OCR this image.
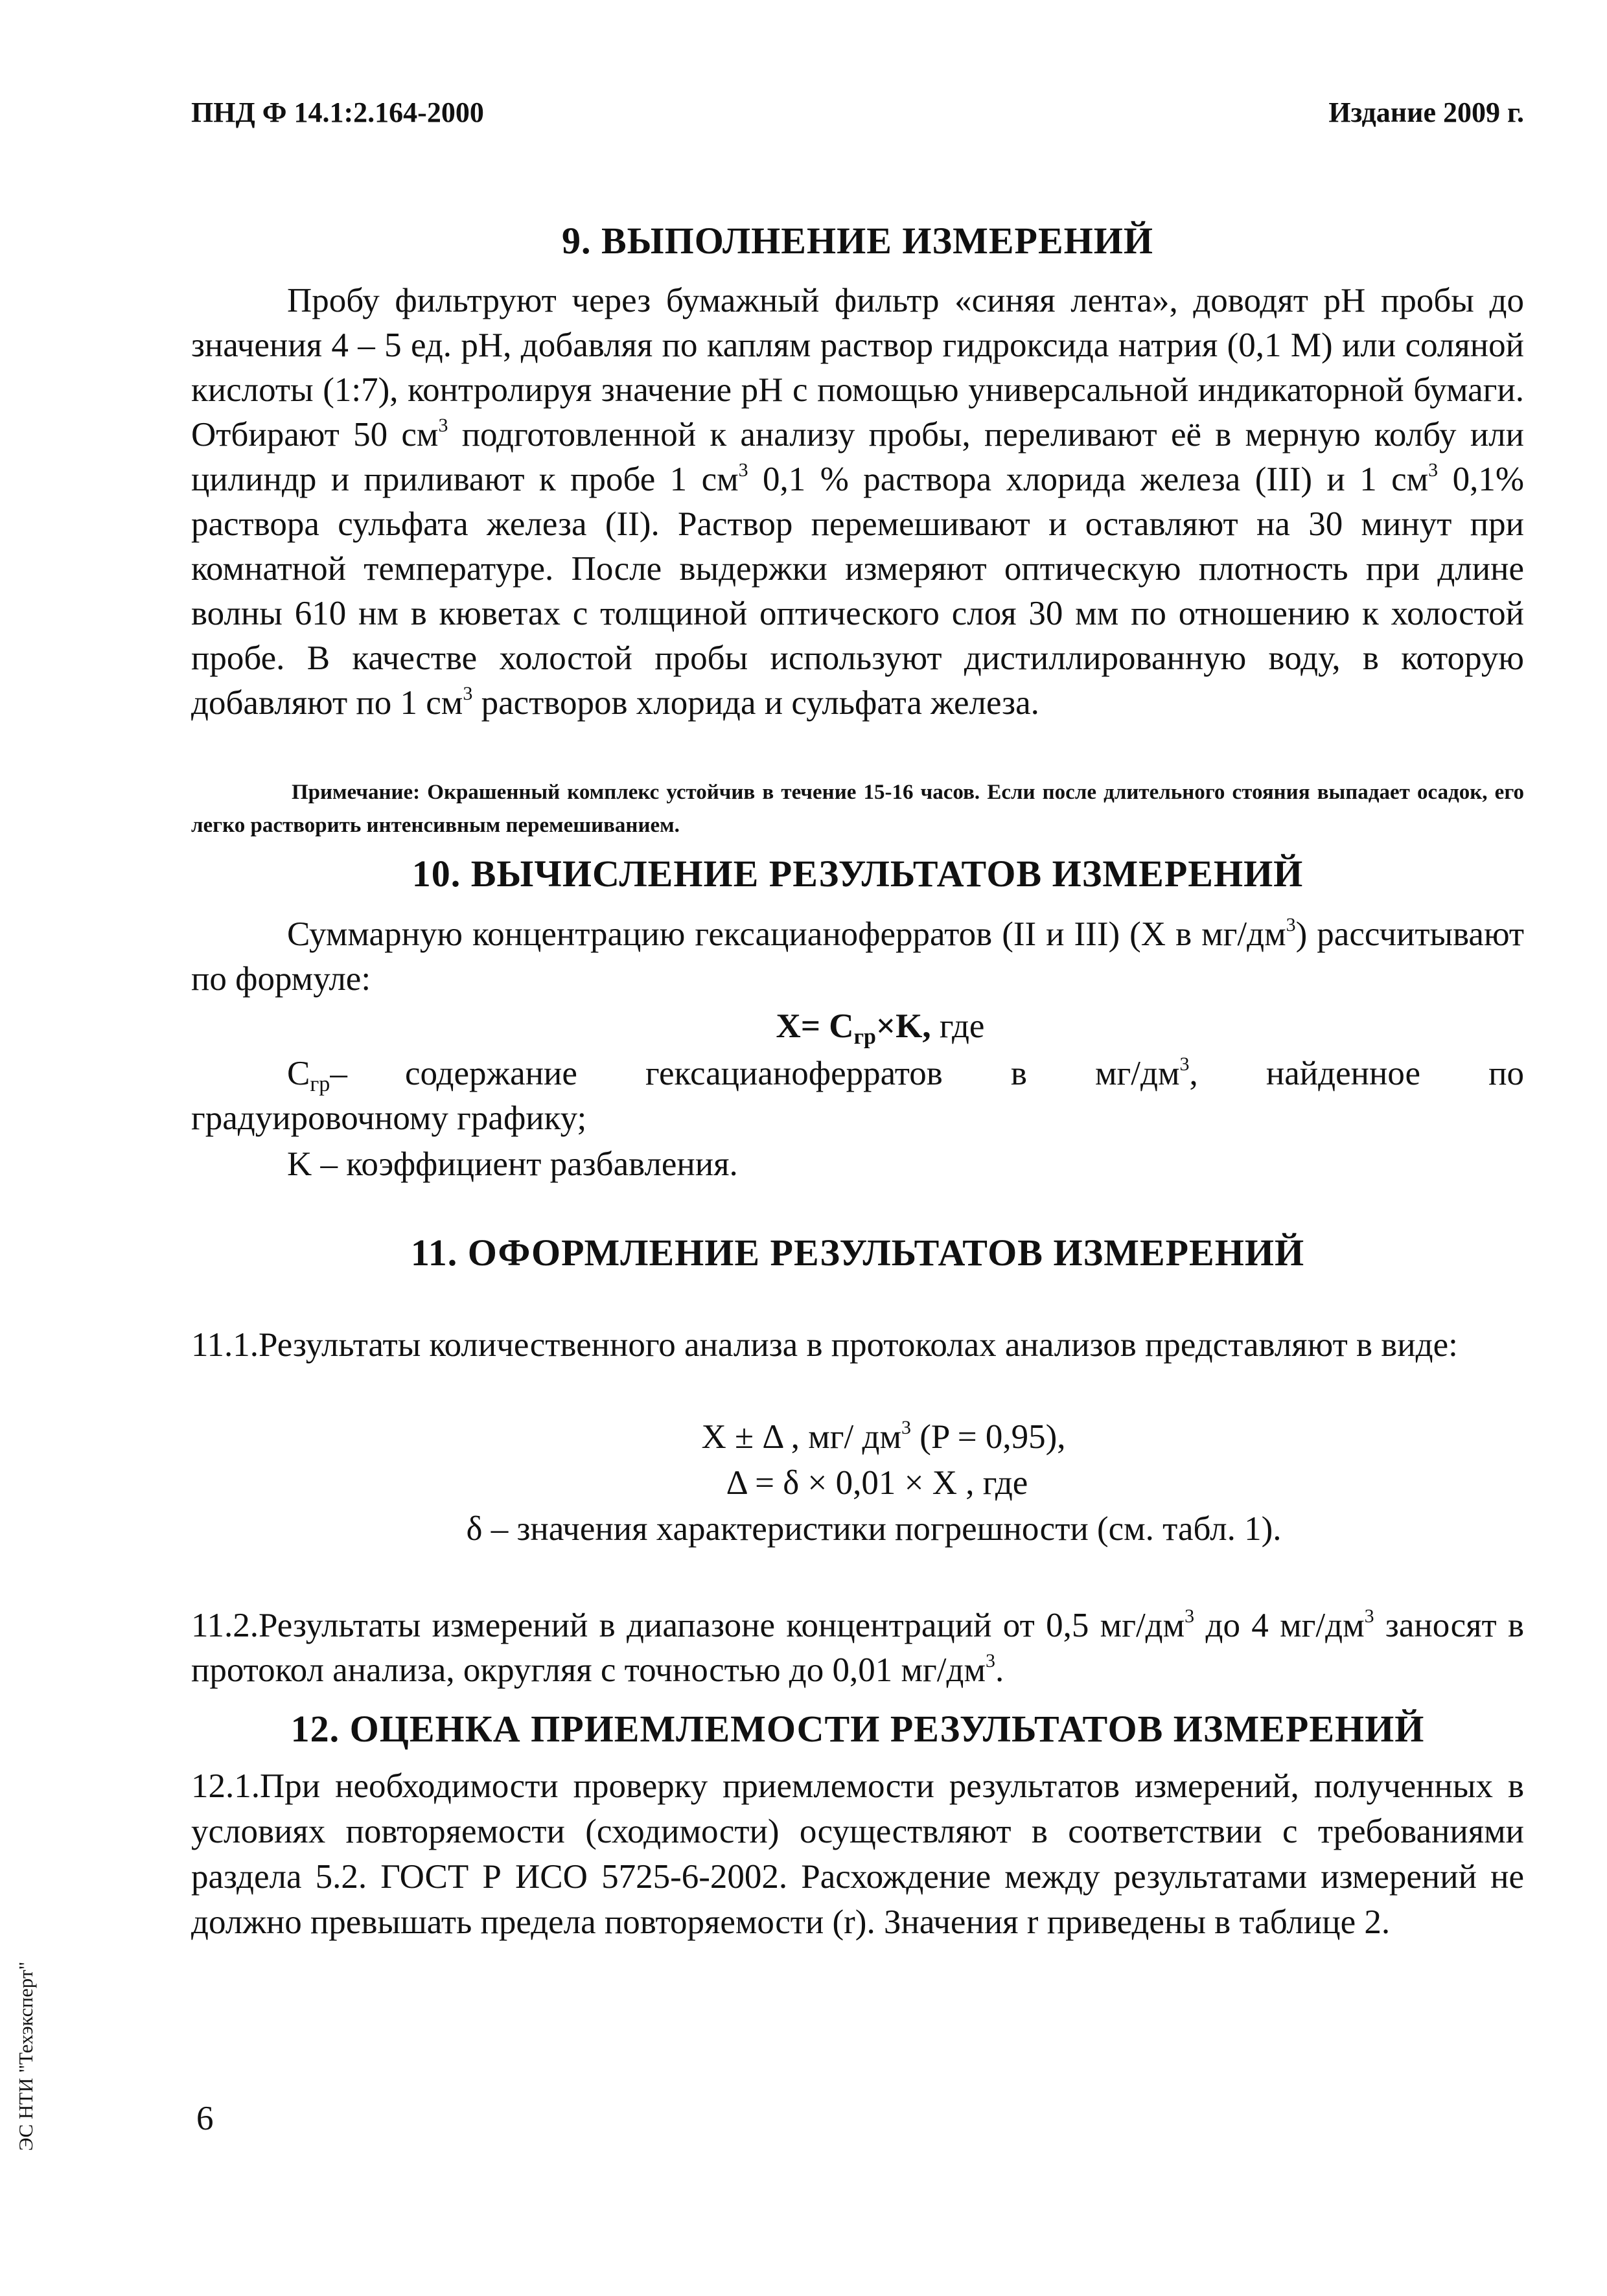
ПНД Ф 14.1:2.164-2000	Издание 2009 г.
9. ВЫПОЛНЕНИЕ ИЗМЕРЕНИЙ

Пробу фильтруют через бумажный фильтр «синяя лента», доводят рН пробы до значения 4 – 5 ед. рН, добавляя по каплям раствор гидроксида натрия (0,1 М) или соляной кислоты (1:7), контролируя значение рН с помощью универсальной индикаторной бумаги. Отбирают 50 $см^3$ подготовленной к анализу пробы, переливают её в мерную колбу или цилиндр и приливают к пробе 1 $см^3$ 0,1 % раствора хлорида железа (III) и 1 $см^3$ 0,1% раствора сульфата железа (II). Раствор перемешивают и оставляют на 30 минут при комнатной температуре. После выдержки измеряют оптическую плотность при длине волны 610 нм в кюветах с толщиной оптического слоя 30 мм по отношению к холостой пробе. В качестве холостой пробы используют дистиллированную воду, в которую добавляют по 1 $см^3$ растворов хлорида и сульфата железа.

Примечание: Окрашенный комплекс устойчив в течение 15-16 часов. Если после длительного стояния выпадает осадок, его легко растворить интенсивным перемешиванием.

10. ВЫЧИСЛЕНИЕ РЕЗУЛЬТАТОВ ИЗМЕРЕНИЙ

Суммарную концентрацию гексацианоферратов (II и III) (X в $мг/дм^3$) рассчитывают по формуле:

$X= C_{гр}\times K$, где

$C_{гр}-$ содержание гексацианоферратов в $мг/дм^3$, найденное по

градуировочному графику;

K – коэффициент разбавления.

11. ОФОРМЛЕНИЕ РЕЗУЛЬТАТОВ ИЗМЕРЕНИЙ

11.1.Результаты количественного анализа в протоколах анализов представляют в виде:

X ± Δ , мг/ $дм^3$ (P = 0,95),

Δ = δ × 0,01 × X , где

δ – значения характеристики погрешности (см. табл. 1).

11.2.Результаты измерений в диапазоне концентраций от 0,5 $мг/дм^3$ до 4 $мг/дм^3$ заносят в протокол анализа, округляя с точностью до 0,01 $мг/дм^3$.

12. ОЦЕНКА ПРИЕМЛЕМОСТИ РЕЗУЛЬТАТОВ ИЗМЕРЕНИЙ

12.1.При необходимости проверку приемлемости результатов измерений, полученных в условиях повторяемости (сходимости) осуществляют в соответствии с требованиями раздела 5.2. ГОСТ Р ИСО 5725-6-2002. Расхождение между результатами измерений не должно превышать предела повторяемости (r). Значения r приведены в таблице 2.

6
ЭС НТИ "Техэксперт"
